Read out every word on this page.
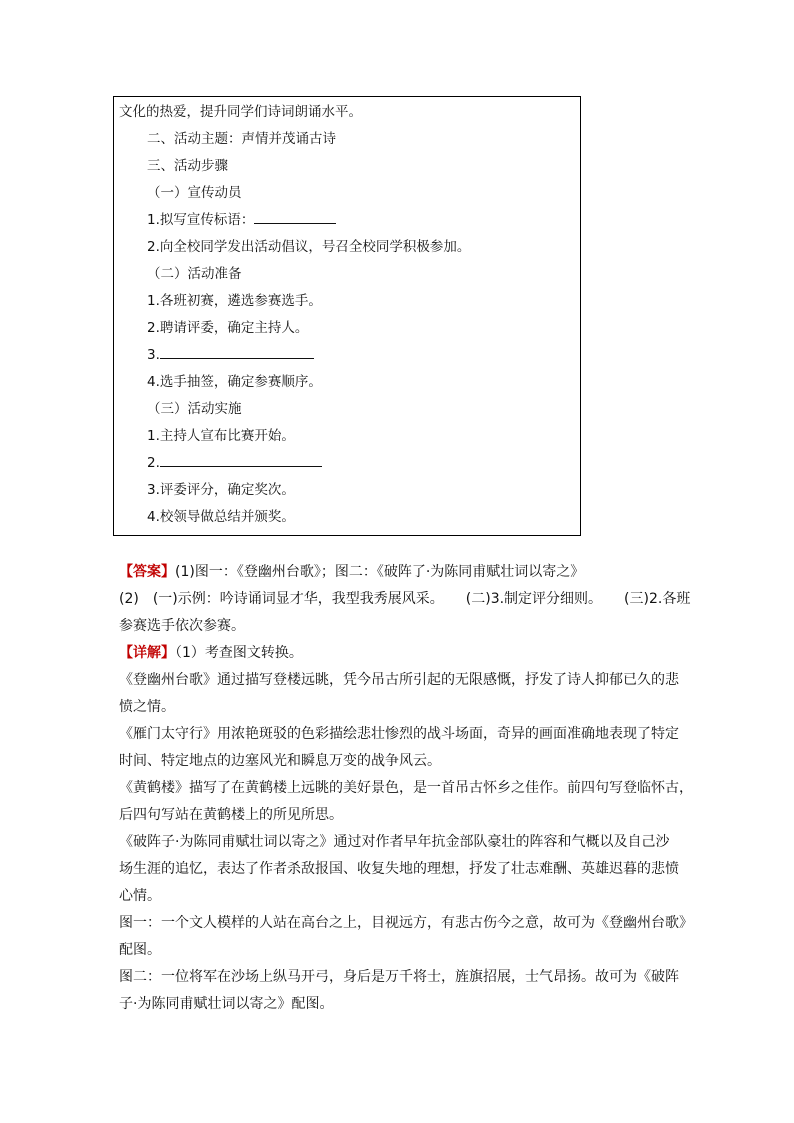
文化的热爱，提升同学们诗词朗诵水平。
二、活动主题：声情并茂诵古诗
三、活动步骤
（一）宣传动员
1.拟写宣传标语：
2.向全校同学发出活动倡议，号召全校同学积极参加。
（二）活动准备
1.各班初赛，遴选参赛选手。
2.聘请评委，确定主持人。
3.
4.选手抽签，确定参赛顺序。
（三）活动实施
1.主持人宣布比赛开始。
2.
3.评委评分，确定奖次。
4.校领导做总结并颁奖。
【答案】(1)图一：《登幽州台歌》；图二：《破阵了·为陈同甫赋壮词以寄之》
(2)　(一)示例：吟诗诵词显才华，我型我秀展风采。 (二)3.制定评分细则。 (三)2.各班
参赛选手依次参赛。
【详解】（1）考查图文转换。
《登幽州台歌》通过描写登楼远眺，凭今吊古所引起的无限感慨，抒发了诗人抑郁已久的悲
愤之情。
《雁门太守行》用浓艳斑驳的色彩描绘悲壮惨烈的战斗场面，奇异的画面准确地表现了特定
时间、特定地点的边塞风光和瞬息万变的战争风云。
《黄鹤楼》描写了在黄鹤楼上远眺的美好景色，是一首吊古怀乡之佳作。前四句写登临怀古，
后四句写站在黄鹤楼上的所见所思。
《破阵子·为陈同甫赋壮词以寄之》通过对作者早年抗金部队豪壮的阵容和气概以及自己沙
场生涯的追忆，表达了作者杀敌报国、收复失地的理想，抒发了壮志难酬、英雄迟暮的悲愤
心情。
图一：一个文人模样的人站在高台之上，目视远方，有悲古伤今之意，故可为《登幽州台歌》
配图。
图二：一位将军在沙场上纵马开弓，身后是万千将士，旌旗招展，士气昂扬。故可为《破阵
子·为陈同甫赋壮词以寄之》配图。
